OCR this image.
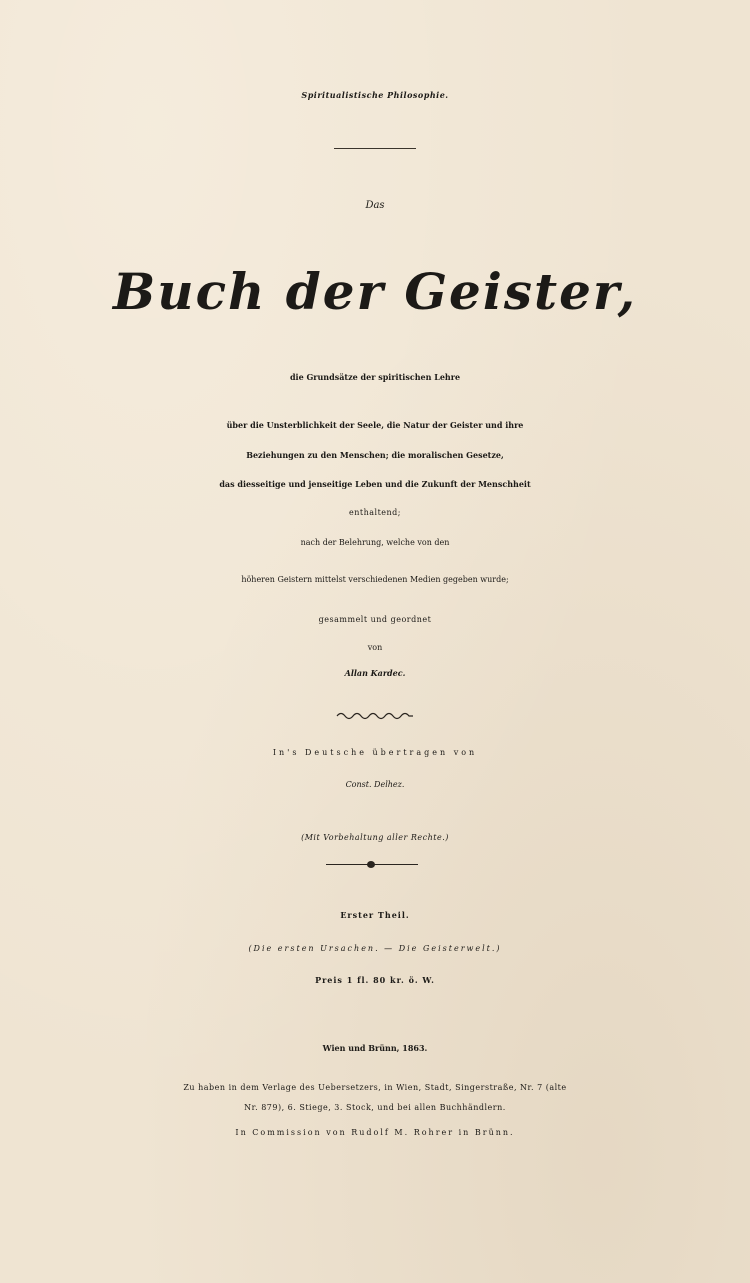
Spiritualistische Philosophie.
Das
Buch der Geister,
die Grundsätze der spiritischen Lehre
über die Unsterblichkeit der Seele, die Natur der Geister und ihre
Beziehungen zu den Menschen; die moralischen Gesetze,
das diesseitige und jenseitige Leben und die Zukunft der Menschheit
enthaltend;
nach der Belehrung, welche von den
höheren Geistern mittelst verschiedenen Medien gegeben wurde;
gesammelt und geordnet
von
Allan Kardec.
In's Deutsche übertragen von
Const. Delhez.
(Mit Vorbehaltung aller Rechte.)
Erster Theil.
(Die ersten Ursachen. — Die Geisterwelt.)
Preis 1 fl. 80 kr. ö. W.
Wien und Brünn, 1863.
Zu haben in dem Verlage des Uebersetzers, in Wien, Stadt, Singerstraße, Nr. 7 (alte
Nr. 879), 6. Stiege, 3. Stock, und bei allen Buchhändlern.
In Commission von Rudolf M. Rohrer in Brünn.
